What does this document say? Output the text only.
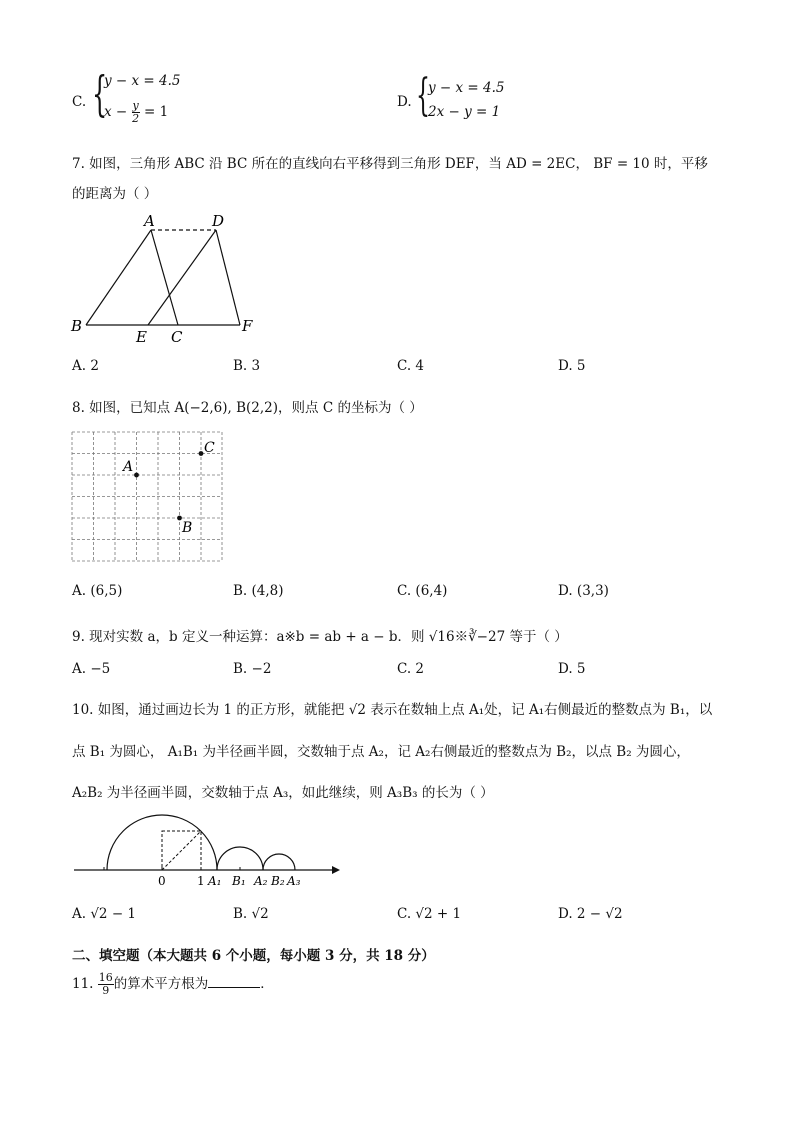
C. {
y − x = 4.5
$x - \frac{y}{2} = 1$
D. {
y − x = 4.5
2x − y = 1
7. 如图，三角形 ABC 沿 BC 所在的直线向右平移得到三角形 DEF，当 AD = 2EC， BF = 10 时，平移
的距离为（ ）
A	D
B
E C
F
A. 2	B. 3	C. 4	D. 5
8. 如图，已知点 A(−2,6), B(2,2)，则点 C 的坐标为（ ）
A
B
C
A. (6,5)	B. (4,8)	C. (6,4)	D. (3,3)
9. 现对实数 a，b 定义一种运算：a※b = ab + a − b．则 √16※∛−27 等于（ ）
A. −5	B. −2	C. 2	D. 5
10. 如图，通过画边长为 1 的正方形，就能把 √2 表示在数轴上点 A₁处，记 A₁右侧最近的整数点为 B₁，以
点 B₁ 为圆心， A₁B₁ 为半径画半圆，交数轴于点 A₂，记 A₂右侧最近的整数点为 B₂，以点 B₂ 为圆心，
A₂B₂ 为半径画半圆，交数轴于点 A₃，如此继续，则 A₃B₃ 的长为（ ）
0	1 A₁ B₁ A₂ B₂ A₃
A. √2 − 1	B. √2	C. √2 + 1	D. 2 − √2
二、填空题（本大题共 6 个小题，每小题 3 分，共 18 分）
11. $\frac{16}{9}$ 的算术平方根为	．
